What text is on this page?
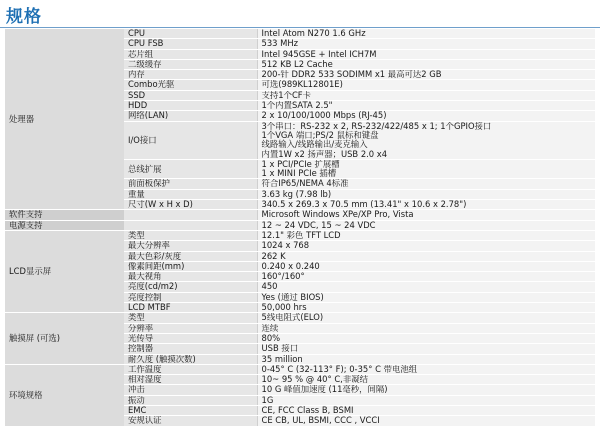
规格
处理器	CPU	Intel Atom N270 1.6 GHz

	CPU FSB	533 MHz

	芯片组	Intel 945GSE + Intel ICH7M

	二级缓存	512 KB L2 Cache

	内存	200-针 DDR2 533 SODIMM x1 最高可达2 GB

	Combo光驱	可选(989KL12801E)

	SSD	支持1个CF卡

	HDD	1个内置SATA 2.5"

	网络(LAN)	2 x 10/100/1000 Mbps (RJ-45)

	I/O接口	3个串口：RS-232 x 2, RS-232/422/485 x 1; 1个GPIO接口
1个VGA 端口;PS/2 鼠标和键盘
线路输入/线路输出/麦克输入
内置1W x2 扬声器；USB 2.0 x4

	总线扩展	1 x PCI/PCIe 扩展槽
1 x MINI PCIe 插槽

	前面板保护	符合IP65/NEMA 4标准

	重量	3.63 kg (7.98 lb)

	尺寸(W x H x D)	340.5 x 269.3 x 70.5 mm (13.41" x 10.6 x 2.78")

软件支持		Microsoft Windows XPe/XP Pro, Vista

电源支持		12 ~ 24 VDC, 15 ~ 24 VDC

LCD显示屏	类型	12.1" 彩色 TFT LCD

	最大分辨率	1024 x 768

	最大色彩/灰度	262 K

	像素间距(mm)	0.240 x 0.240

	最大视角	160°/160°

	亮度(cd/m2)	450

	亮度控制	Yes (通过 BIOS)

	LCD MTBF	50,000 hrs

触摸屏 (可选)	类型	5线电阻式(ELO)

	分辨率	连续

	光传导	80%

	控制器	USB 接口

	耐久度 (触摸次数)	35 million

环境规格	工作温度	0-45° C (32-113° F); 0-35° C 带电池组

	相对湿度	10~ 95 % @ 40° C,非凝结

	冲击	10 G 峰值加速度 (11毫秒，间隔)

	振动	1G

	EMC	CE, FCC Class B, BSMI

	安规认证	CE CB, UL, BSMI, CCC , VCCI
